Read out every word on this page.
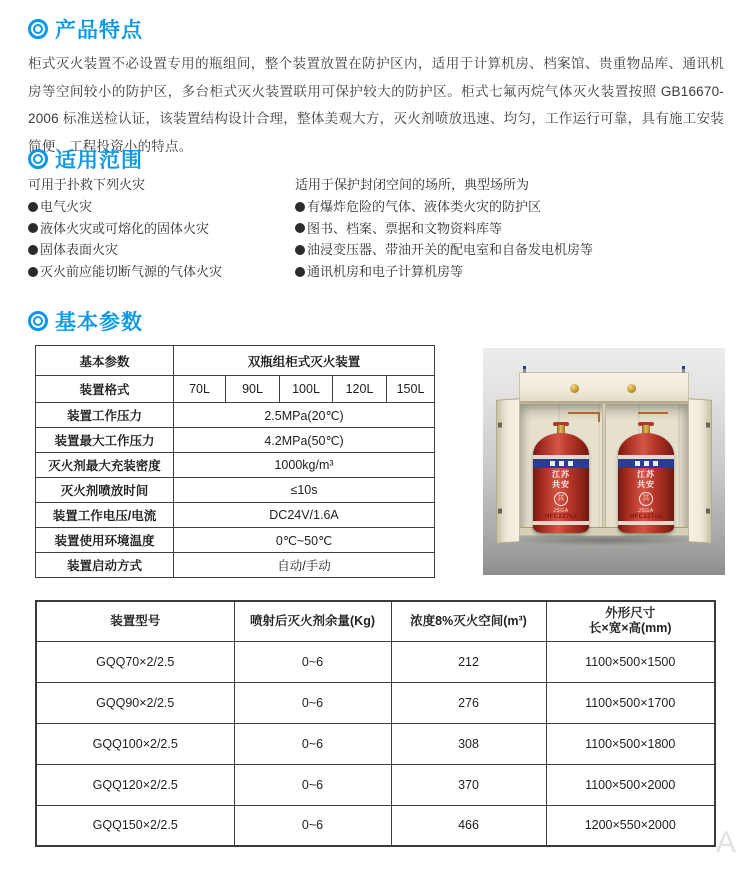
产品特点
柜式灭火装置不必设置专用的瓶组间，整个装置放置在防护区内，适用于计算机房、档案馆、贵重物品库、通讯机房等空间较小的防护区，多台柜式灭火装置联用可保护较大的防护区。柜式七氟丙烷气体灭火装置按照 GB16670-2006 标准送检认证，该装置结构设计合理，整体美观大方，灭火剂喷放迅速、均匀，工作运行可靠，具有施工安装简便、工程投资小的特点。
适用范围
可用于扑救下列火灾
电气火灾
液体火灾或可熔化的固体火灾
固体表面火灾
灭火前应能切断气源的气体火灾
适用于保护封闭空间的场所，典型场所为
有爆炸危险的气体、液体类火灾的防护区
图书、档案、票据和文物资料库等
油浸变压器、带油开关的配电室和自备发电机房等
通讯机房和电子计算机房等
基本参数
基本参数	双瓶组柜式灭火装置				
装置格式	70L	90L	100L	120L	150L
装置工作压力	2.5MPa(20℃)				
装置最大工作压力	4.2MPa(50℃)				
灭火剂最大充装密度	1000kg/m³				
灭火剂喷放时间	≤10s				
装置工作电压/电流	DC24V/1.6A				
装置使用环境温度	0℃~50℃				
装置启动方式	自动/手动				
江苏
共安
共
JSGA
HFC227ea
江苏
共安
共
JSGA
HFC227ea
装置型号	喷射后灭火剂余量(Kg)	浓度8%灭火空间(m³)	外形尺寸
长×宽×高(mm)

GQQ70×2/2.5	0~6	212	1100×500×1500
GQQ90×2/2.5	0~6	276	1100×500×1700
GQQ100×2/2.5	0~6	308	1100×500×1800
GQQ120×2/2.5	0~6	370	1100×500×2000
GQQ150×2/2.5	0~6	466	1200×550×2000
A
